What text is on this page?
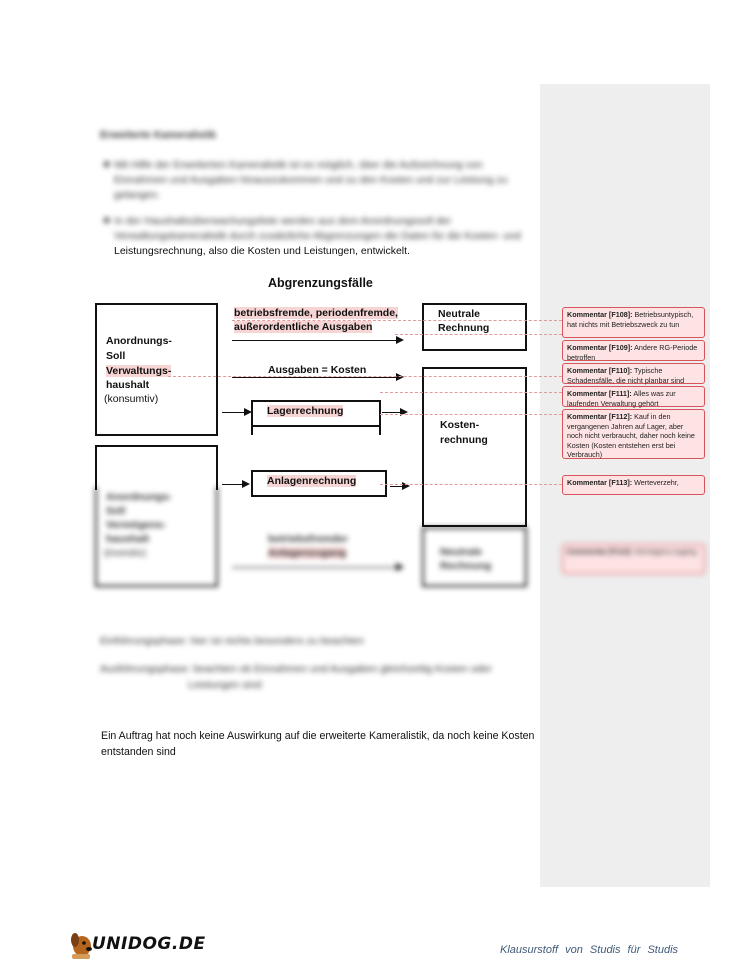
Erweiterte Kameralistik
❖ Mit Hilfe der Erweiterten Kameralistik ist es möglich, über die Aufzeichnung von Einnahmen und Ausgaben hinauszukommen und zu den Kosten und zur Leistung zu gelangen.
❖ In der Haushaltsüberwachungsliste werden aus dem Anordnungssoll der
Verwaltungskameralistik durch zusätzliche Abgrenzungen die Daten für die Kosten- und
Leistungsrechnung, also die Kosten und Leistungen, entwickelt.
Abgrenzungsfälle
Anordnungs-
Soll
Verwaltungs-
haushalt
(konsumtiv)
Neutrale
Rechnung
Kosten-
rechnung
betriebsfremde, periodenfremde,
außerordentliche Ausgaben
Ausgaben = Kosten
Lagerrechnung
Anlagenrechnung
Anordnungs-
Soll
Vermögens-
haushalt
(investiv)
betriebsfremder
Anlagenzugang	Neutrale
Rechnung
Kommentar [F108]: Betriebsuntypisch, hat nichts mit Betriebszweck zu tun
Kommentar [F109]: Andere RG-Periode betroffen
Kommentar [F110]: Typische Schadensfälle, die nicht planbar sind
Kommentar [F111]: Alles was zur laufenden Verwaltung gehört
Kommentar [F112]: Kauf in den vergangenen Jahren auf Lager, aber noch nicht verbraucht, daher noch keine Kosten (Kosten entstehen erst bei Verbrauch)
Kommentar [F113]: Werteverzehr,
Kommentar [F114]: Vermögens-zugang
Einführungsphase: hier ist nichts besonders zu beachten
Ausführungsphase: beachten ob Einnahmen und Ausgaben gleichzeitig Kosten oder
Leistungen sind
Ein Auftrag hat noch keine Auswirkung auf die erweiterte Kameralistik, da noch keine Kosten
entstanden sind
UNIDOG.DE	Klausurstoff von Studis für Studis
